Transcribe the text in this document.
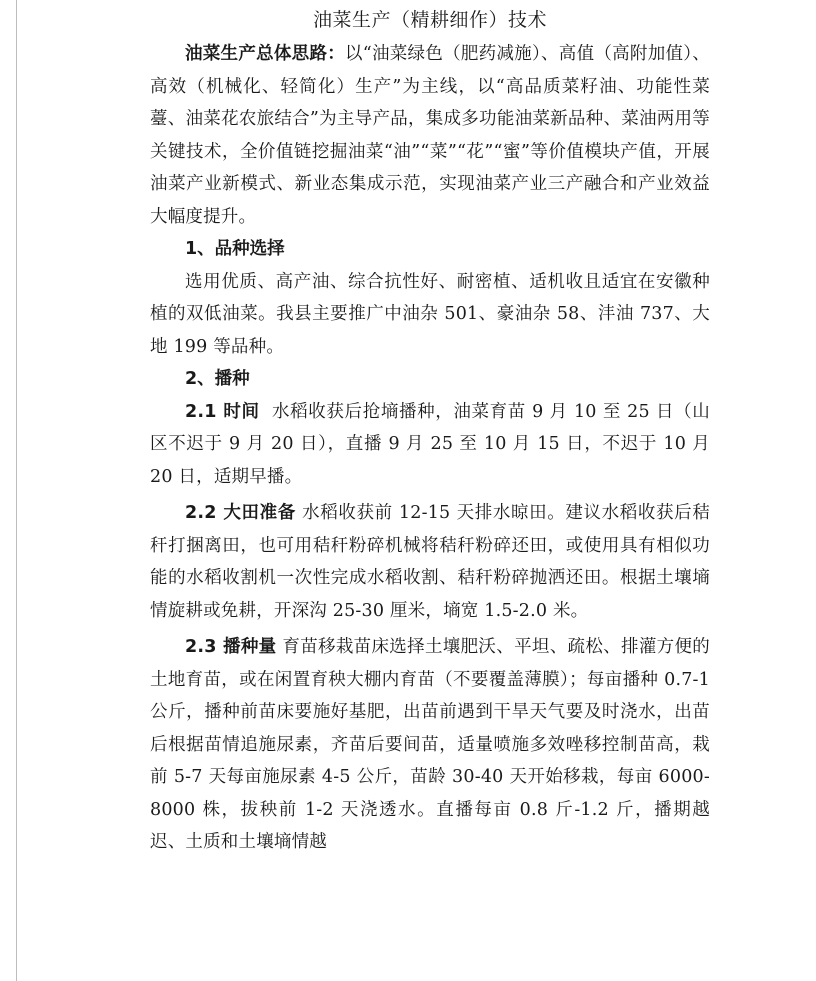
油菜生产（精耕细作）技术

油菜生产总体思路：以“油菜绿色（肥药减施）、高值（高附加值）、高效（机械化、轻简化）生产”为主线，以“高品质菜籽油、功能性菜薹、油菜花农旅结合”为主导产品，集成多功能油菜新品种、菜油两用等关键技术，全价值链挖掘油菜“油”“菜”“花”“蜜”等价值模块产值，开展油菜产业新模式、新业态集成示范，实现油菜产业三产融合和产业效益大幅度提升。

1、品种选择

选用优质、高产油、综合抗性好、耐密植、适机收且适宜在安徽种植的双低油菜。我县主要推广中油杂 501、豪油杂 58、沣油 737、大地 199 等品种。

2、播种

2.1 时间 水稻收获后抢墒播种，油菜育苗 9 月 10 至 25 日（山区不迟于 9 月 20 日），直播 9 月 25 至 10 月 15 日，不迟于 10 月 20 日，适期早播。

2.2 大田准备 水稻收获前 12-15 天排水晾田。建议水稻收获后秸秆打捆离田，也可用秸秆粉碎机械将秸秆粉碎还田，或使用具有相似功能的水稻收割机一次性完成水稻收割、秸秆粉碎抛洒还田。根据土壤墒情旋耕或免耕，开深沟 25-30 厘米，墒宽 1.5-2.0 米。

2.3 播种量 育苗移栽苗床选择土壤肥沃、平坦、疏松、排灌方便的土地育苗，或在闲置育秧大棚内育苗（不要覆盖薄膜）；每亩播种 0.7-1 公斤，播种前苗床要施好基肥，出苗前遇到干旱天气要及时浇水，出苗后根据苗情追施尿素，齐苗后要间苗，适量喷施多效唑移控制苗高，栽前 5-7 天每亩施尿素 4-5 公斤，苗龄 30-40 天开始移栽，每亩 6000-8000 株，拔秧前 1-2 天浇透水。直播每亩 0.8 斤-1.2 斤，播期越迟、土质和土壤墒情越
